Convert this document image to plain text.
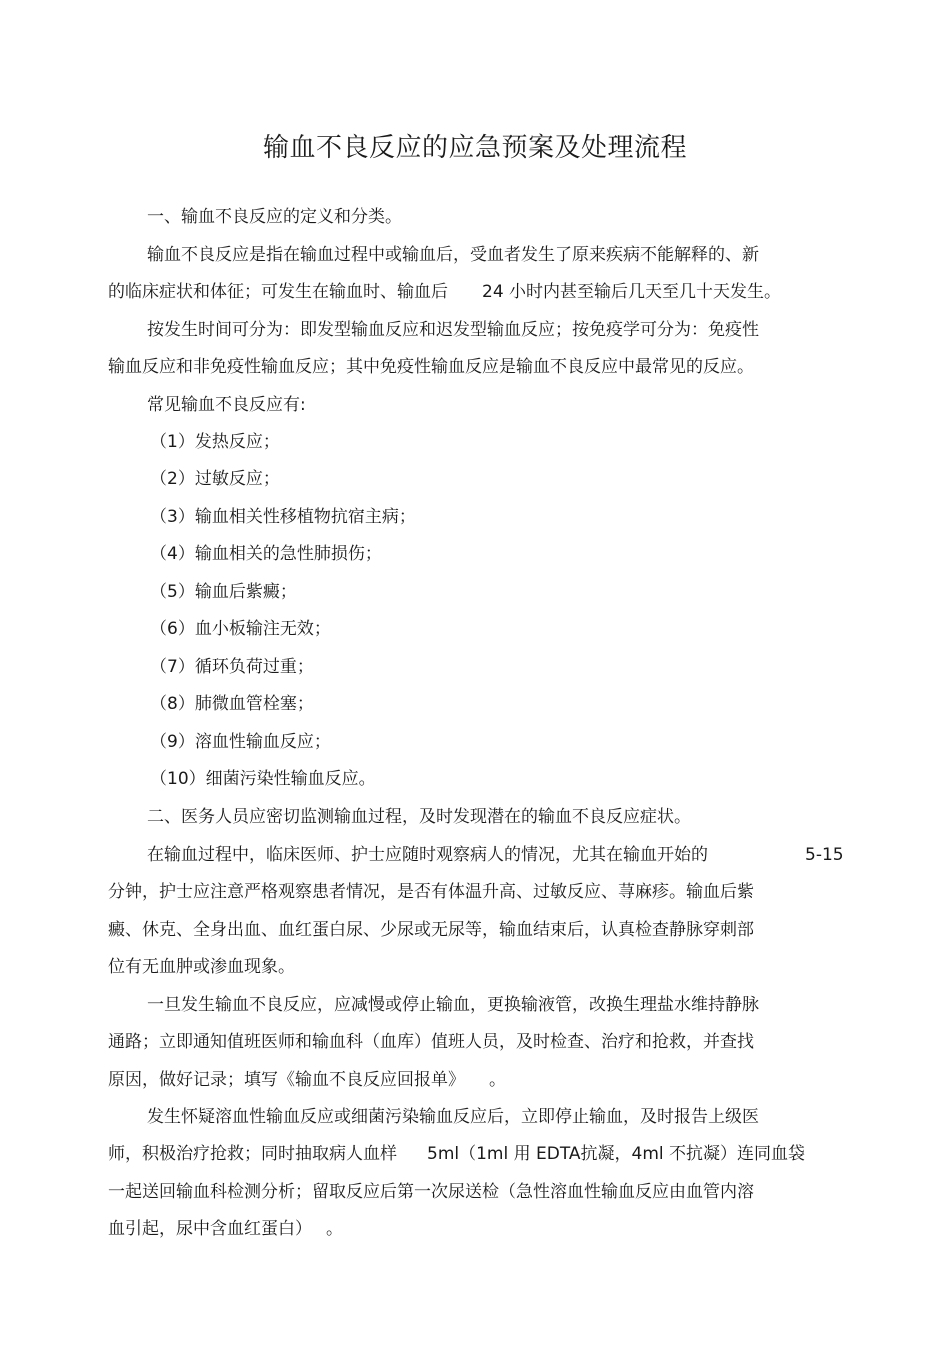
输血不良反应的应急预案及处理流程
一、输血不良反应的定义和分类。
输血不良反应是指在输血过程中或输血后，受血者发生了原来疾病不能解释的、新
的临床症状和体征；可发生在输血时、输血后 24 小时内甚至输后几天至几十天发生。
按发生时间可分为：即发型输血反应和迟发型输血反应；按免疫学可分为：免疫性
输血反应和非免疫性输血反应；其中免疫性输血反应是输血不良反应中最常见的反应。
常见输血不良反应有:
（1）发热反应；
（2）过敏反应；
（3）输血相关性移植物抗宿主病；
（4）输血相关的急性肺损伤；
（5）输血后紫癜；
（6）血小板输注无效；
（7）循环负荷过重；
（8）肺微血管栓塞；
（9）溶血性输血反应；
（10）细菌污染性输血反应。
二、医务人员应密切监测输血过程，及时发现潜在的输血不良反应症状。
在输血过程中，临床医师、护士应随时观察病人的情况，尤其在输血开始的	5-15
分钟，护士应注意严格观察患者情况，是否有体温升高、过敏反应、荨麻疹。输血后紫
癜、休克、全身出血、血红蛋白尿、少尿或无尿等，输血结束后，认真检查静脉穿刺部
位有无血肿或渗血现象。
一旦发生输血不良反应，应减慢或停止输血，更换输液管，改换生理盐水维持静脉
通路；立即通知值班医师和输血科（血库）值班人员，及时检查、治疗和抢救，并查找
原因，做好记录；填写《输血不良反应回报单》 。
发生怀疑溶血性输血反应或细菌污染输血反应后，立即停止输血，及时报告上级医
师，积极治疗抢救；同时抽取病人血样 5ml（1ml 用 EDTA抗凝，4ml 不抗凝）连同血袋
一起送回输血科检测分析；留取反应后第一次尿送检（急性溶血性输血反应由血管内溶
血引起，尿中含血红蛋白） 。
